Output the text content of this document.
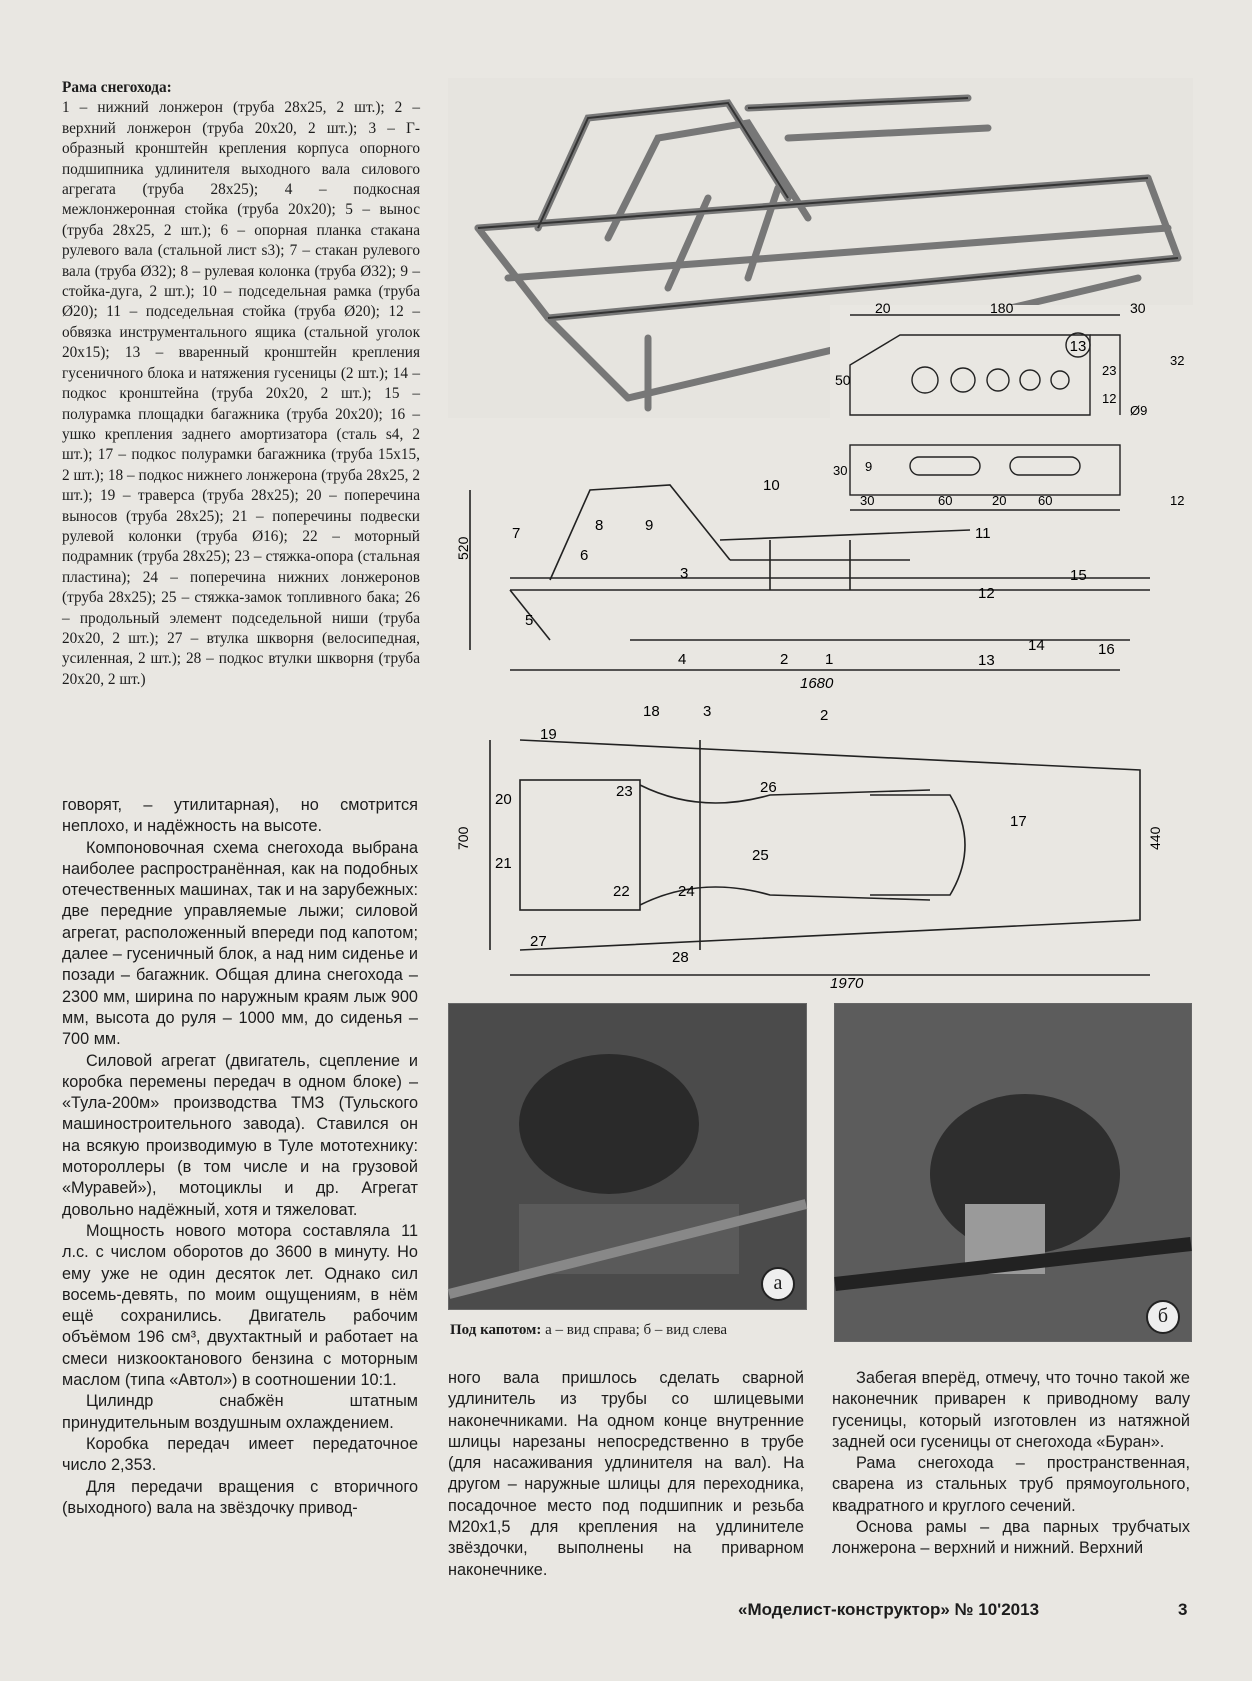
Рама снегохода:

1 – нижний лонжерон (труба 28х25, 2 шт.); 2 – верхний лонжерон (труба 20х20, 2 шт.); 3 – Г-образный кронштейн крепления корпуса опорного подшипника удлинителя выходного вала силового агрегата (труба 28х25); 4 – подкосная межлонжеронная стойка (труба 20х20); 5 – вынос (труба 28х25, 2 шт.); 6 – опорная планка стакана рулевого вала (стальной лист s3); 7 – стакан рулевого вала (труба Ø32); 8 – рулевая колонка (труба Ø32); 9 – стойка-дуга, 2 шт.); 10 – подседельная рамка (труба Ø20); 11 – подседельная стойка (труба Ø20); 12 – обвязка инструментального ящика (стальной уголок 20х15); 13 – вваренный кронштейн крепления гусеничного блока и натяжения гусеницы (2 шт.); 14 – подкос кронштейна (труба 20х20, 2 шт.); 15 – полурамка площадки багажника (труба 20х20); 16 – ушко крепления заднего амортизатора (сталь s4, 2 шт.); 17 – подкос полурамки багажника (труба 15х15, 2 шт.); 18 – подкос нижнего лонжерона (труба 28х25, 2 шт.); 19 – траверса (труба 28х25); 20 – поперечина выносов (труба 28х25); 21 – поперечины подвески рулевой колонки (труба Ø16); 22 – моторный подрамник (труба 28х25); 23 – стяжка-опора (стальная пластина); 24 – поперечина нижних лонжеронов (труба 28х25); 25 – стяжка-замок топливного бака; 26 – продольный элемент подседельной ниши (труба 20х20, 2 шт.); 27 – втулка шкворня (велосипедная, усиленная, 2 шт.); 28 – подкос втулки шкворня (труба 20х20, 2 шт.)

13
20	180	30
50
23
32
12
Ø9
30 9
30	60	20 60	12
520
1680
1
2
3
4
5
6
7	8	9
10
11
12
13
14
15
16
700	440
1970
2
3
17
18
19
20
21
22
23
24
25
26
27
28

говорят, – утилитарная), но смотрится неплохо, и надёжность на высоте.

Компоновочная схема снегохода выбрана наиболее распространённая, как на подобных отечественных машинах, так и на зарубежных: две передние управляемые лыжи; силовой агрегат, расположенный впереди под капотом; далее – гусеничный блок, а над ним сиденье и позади – багажник. Общая длина снегохода – 2300 мм, ширина по наружным краям лыж 900 мм, высота до руля – 1000 мм, до сиденья – 700 мм.

Силовой агрегат (двигатель, сцепление и коробка перемены передач в одном блоке) – «Тула-200м» производства ТМЗ (Тульского машиностроительного завода). Ставился он на всякую производимую в Туле мототехнику: мотороллеры (в том числе и на грузовой «Муравей»), мотоциклы и др. Агрегат довольно надёжный, хотя и тяжеловат.

Мощность нового мотора составляла 11 л.с. с числом оборотов до 3600 в минуту. Но ему уже не один десяток лет. Однако сил восемь-девять, по моим ощущениям, в нём ещё сохранились. Двигатель рабочим объёмом 196 см³, двухтактный и работает на смеси низкооктанового бензина с моторным маслом (типа «Автол») в соотношении 10:1.

Цилиндр снабжён штатным принудительным воздушным охлаждением.

Коробка передач имеет передаточное число 2,353.

Для передачи вращения с вторичного (выходного) вала на звёздочку привод-

а
б
Под капотом: а – вид справа; б – вид слева

ного вала пришлось сделать сварной удлинитель из трубы со шлицевыми наконечниками. На одном конце внутренние шлицы нарезаны непосредственно в трубе (для насаживания удлинителя на вал). На другом – наружные шлицы для переходника, посадочное место под подшипник и резьба М20х1,5 для крепления на удлинителе звёздочки, выполнены на приварном наконечнике.

Забегая вперёд, отмечу, что точно такой же наконечник приварен к приводному валу гусеницы, который изготовлен из натяжной задней оси гусеницы от снегохода «Буран».

Рама снегохода – пространственная, сварена из стальных труб прямоугольного, квадратного и круглого сечений.

Основа рамы – два парных трубчатых лонжерона – верхний и нижний. Верхний

«Моделист-конструктор» № 10'2013	3
